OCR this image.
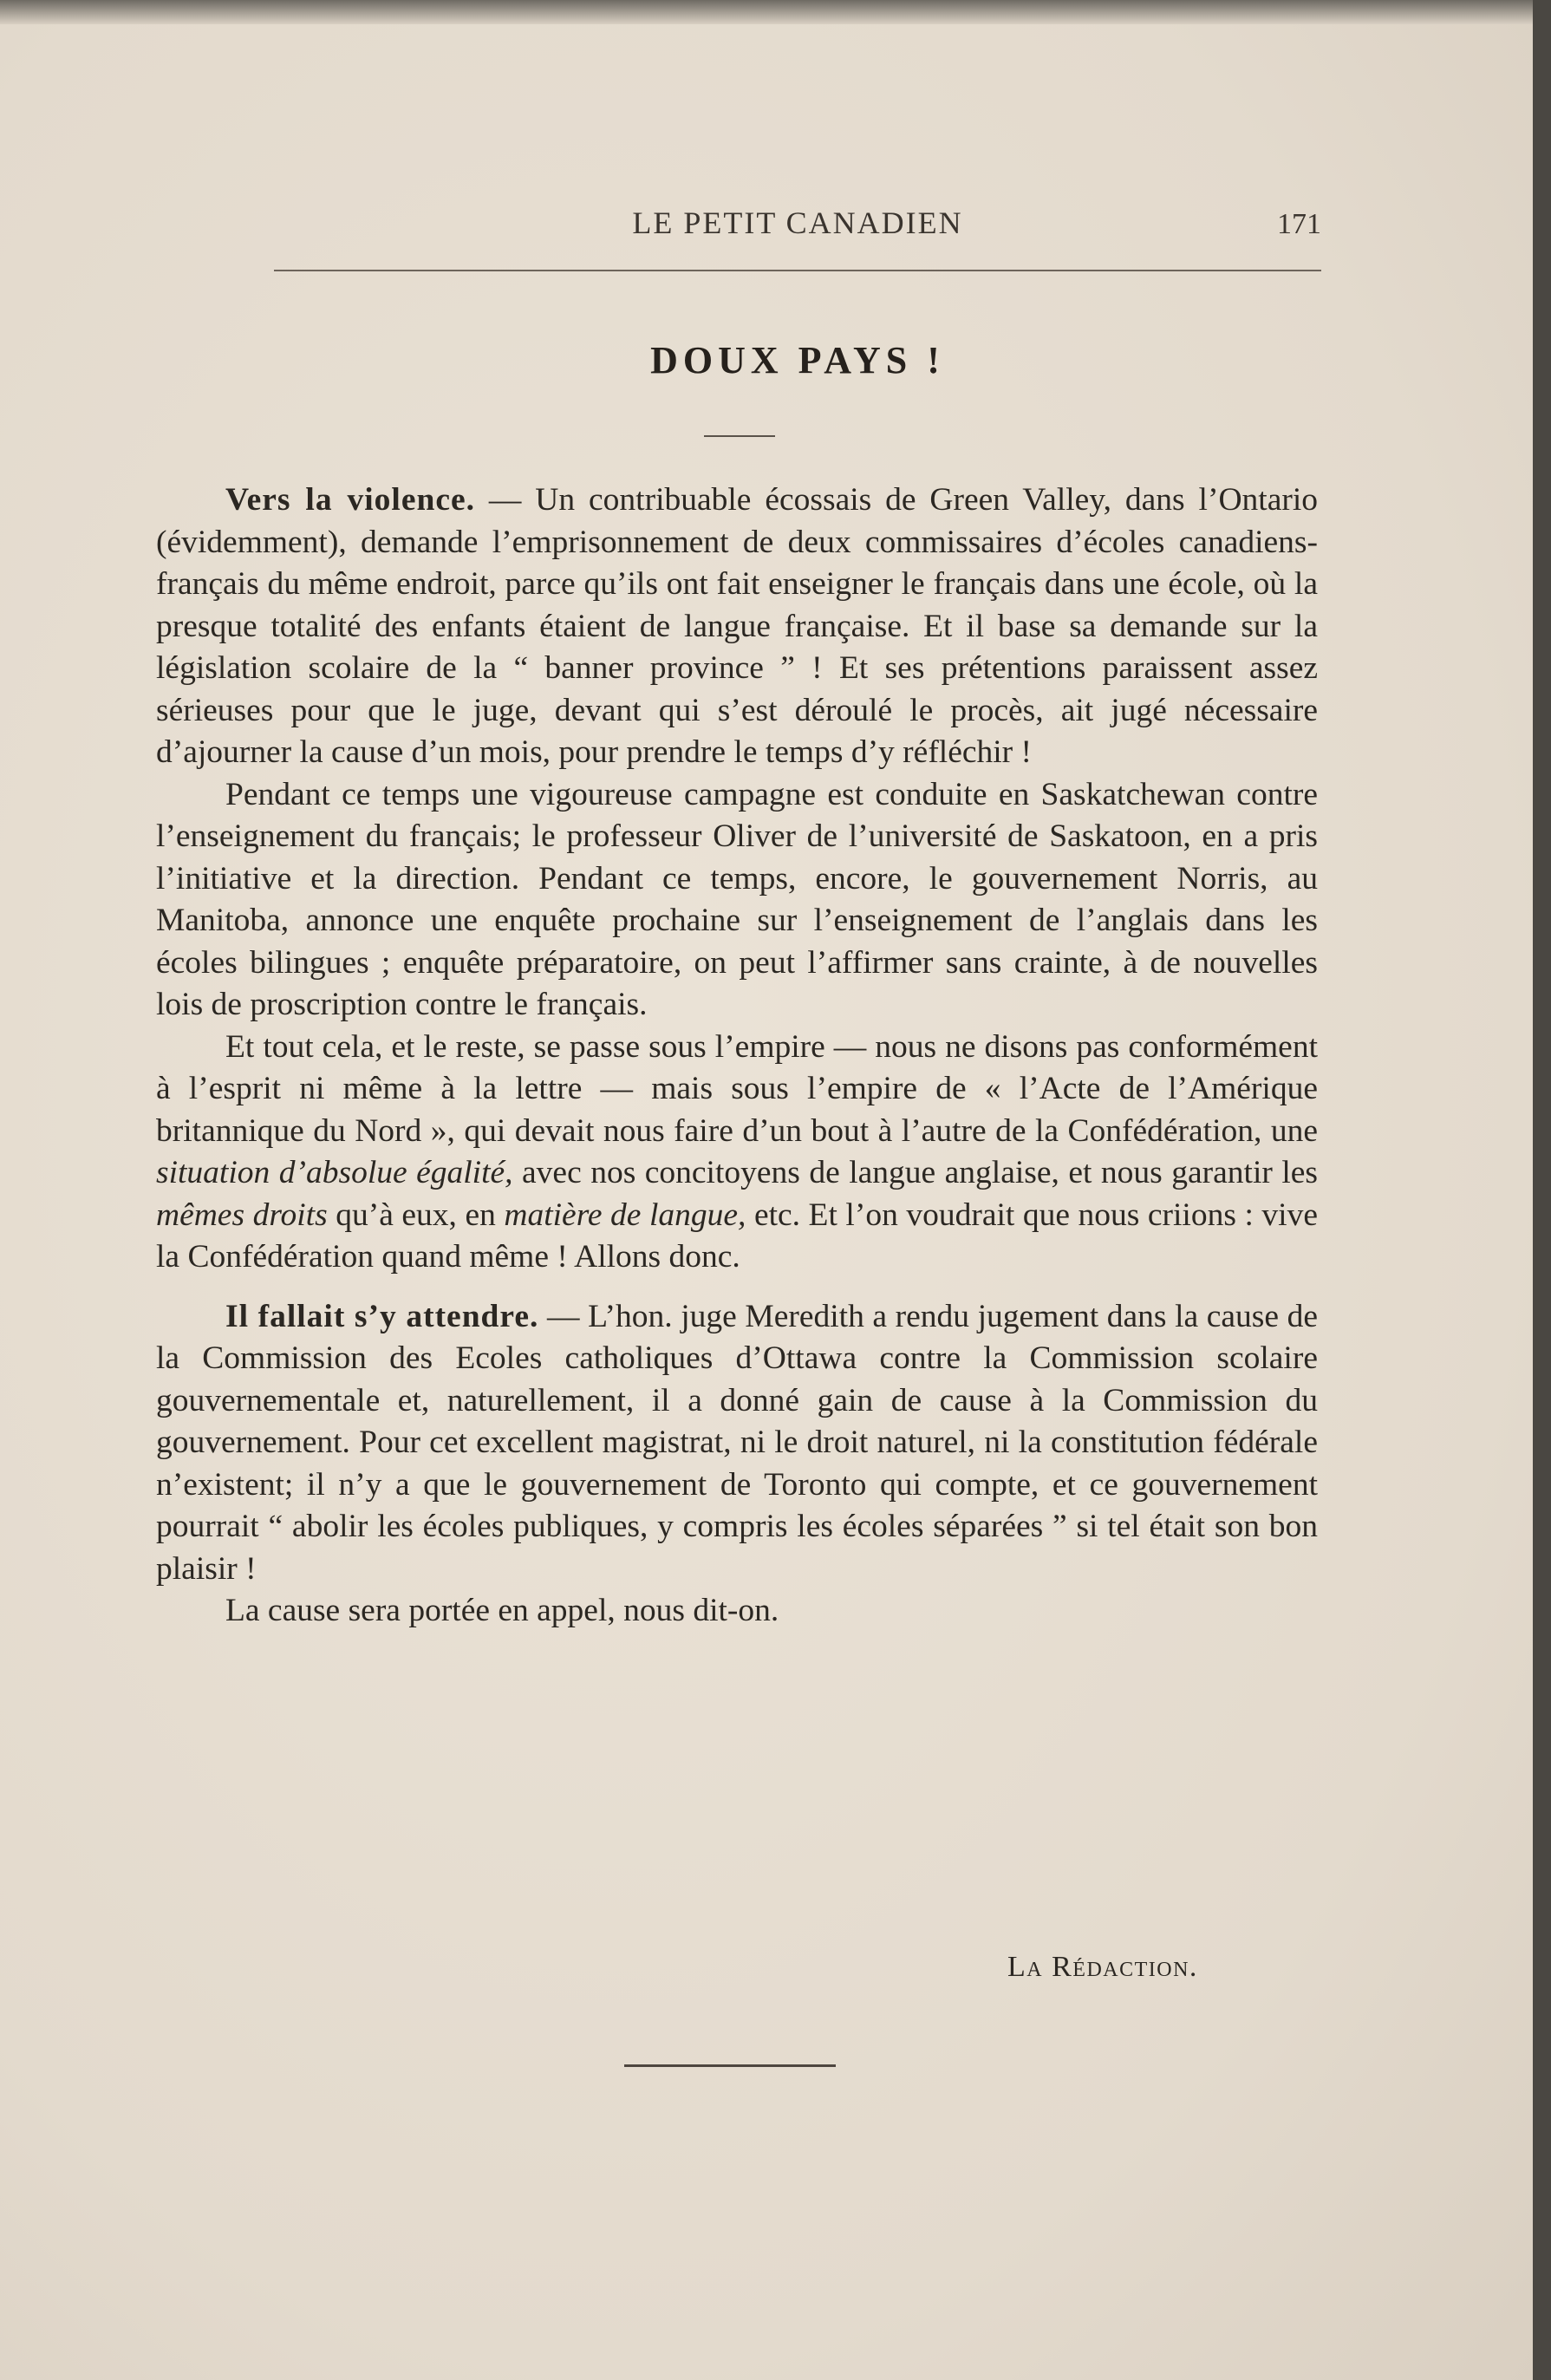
LE PETIT CANADIEN	171
DOUX PAYS !

Vers la violence. — Un contribuable écossais de Green Valley, dans l’Ontario (évidemment), demande l’emprisonnement de deux commissaires d’écoles canadiens-français du même endroit, parce qu’ils ont fait enseigner le français dans une école, où la presque totalité des enfants étaient de langue française. Et il base sa demande sur la législation scolaire de la “ banner province ” ! Et ses prétentions paraissent assez sérieuses pour que le juge, devant qui s’est déroulé le procès, ait jugé nécessaire d’ajourner la cause d’un mois, pour prendre le temps d’y réfléchir !

Pendant ce temps une vigoureuse campagne est conduite en Saskatchewan contre l’enseignement du français; le professeur Oliver de l’université de Saskatoon, en a pris l’initiative et la direction. Pendant ce temps, encore, le gouvernement Norris, au Manitoba, annonce une enquête prochaine sur l’enseignement de l’anglais dans les écoles bilingues ; enquête préparatoire, on peut l’affirmer sans crainte, à de nouvelles lois de proscription contre le français.

Et tout cela, et le reste, se passe sous l’empire — nous ne disons pas conformément à l’esprit ni même à la lettre — mais sous l’empire de « l’Acte de l’Amérique britannique du Nord », qui devait nous faire d’un bout à l’autre de la Confédération, une situation d’absolue égalité, avec nos concitoyens de langue anglaise, et nous garantir les mêmes droits qu’à eux, en matière de langue, etc. Et l’on voudrait que nous criions : vive la Confédération quand même ! Allons donc.

Il fallait s’y attendre. — L’hon. juge Meredith a rendu jugement dans la cause de la Commission des Ecoles catholiques d’Ottawa contre la Commission scolaire gouvernementale et, naturellement, il a donné gain de cause à la Commission du gouvernement. Pour cet excellent magistrat, ni le droit naturel, ni la constitution fédérale n’existent; il n’y a que le gouvernement de Toronto qui compte, et ce gouvernement pourrait “ abolir les écoles publiques, y compris les écoles séparées ” si tel était son bon plaisir !

La cause sera portée en appel, nous dit-on.

La Rédaction.
